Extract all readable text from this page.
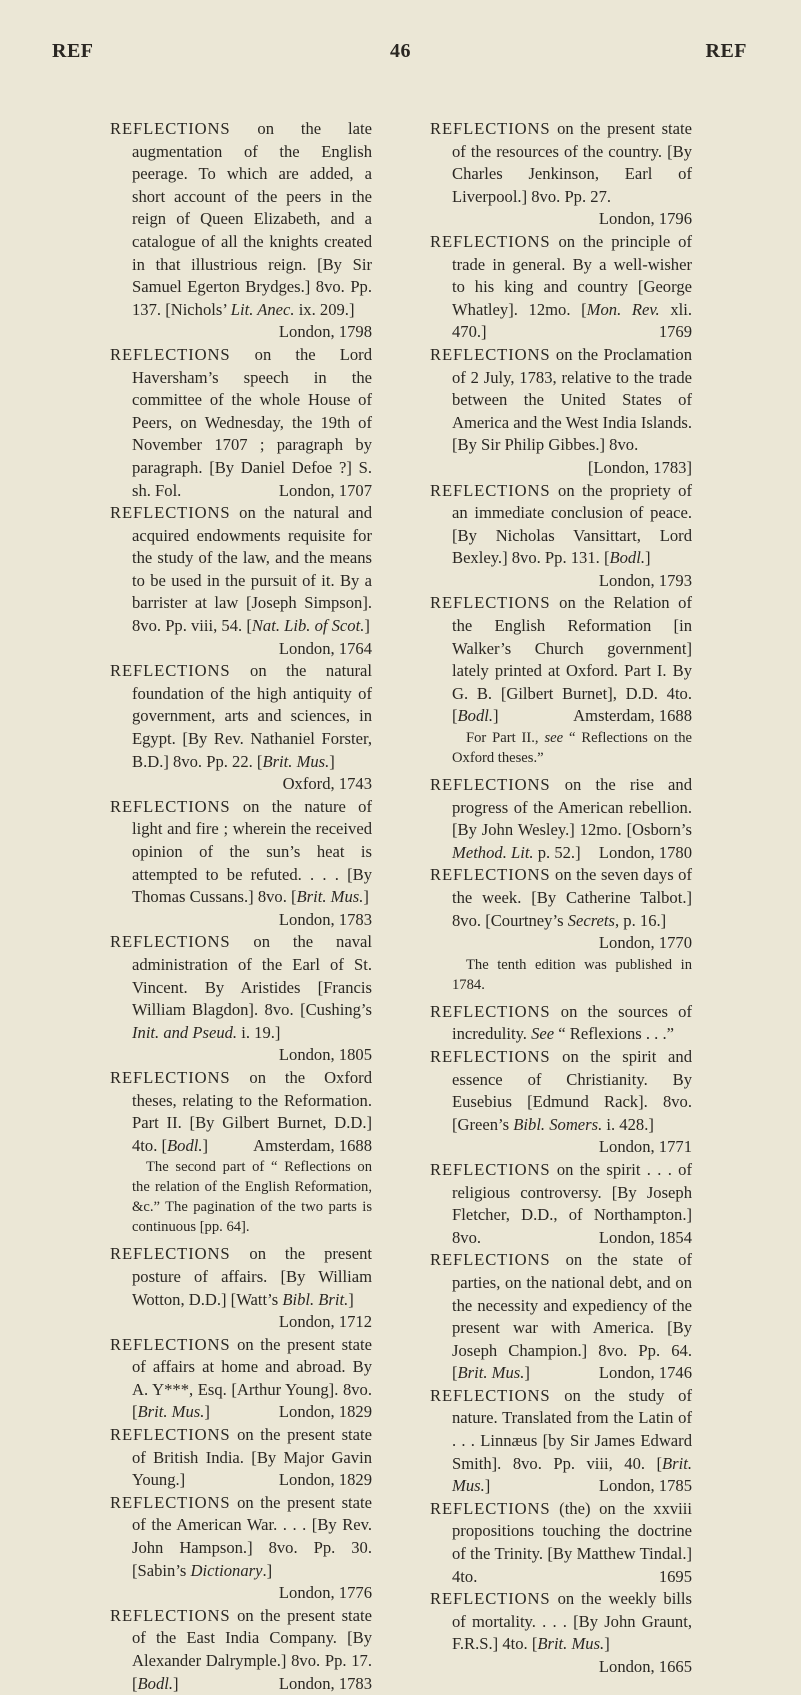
REF	46	REF
REFLECTIONS on the late augmentation of the English peerage. To which are added, a short account of the peers in the reign of Queen Elizabeth, and a catalogue of all the knights created in that illustrious reign. [By Sir Samuel Egerton Brydges.] 8vo. Pp. 137. [Nichols’ Lit. Anec. ix. 209.]
London, 1798
REFLECTIONS on the Lord Haversham’s speech in the committee of the whole House of Peers, on Wednesday, the 19th of November 1707 ; paragraph by paragraph. [By Daniel Defoe ?] S. sh. Fol.	London, 1707
REFLECTIONS on the natural and acquired endowments requisite for the study of the law, and the means to be used in the pursuit of it. By a barrister at law [Joseph Simpson]. 8vo. Pp. viii, 54. [Nat. Lib. of Scot.]
London, 1764
REFLECTIONS on the natural foundation of the high antiquity of government, arts and sciences, in Egypt. [By Rev. Nathaniel Forster, B.D.] 8vo. Pp. 22. [Brit. Mus.]
Oxford, 1743
REFLECTIONS on the nature of light and fire ; wherein the received opinion of the sun’s heat is attempted to be refuted. . . . [By Thomas Cussans.] 8vo. [Brit. Mus.]
London, 1783
REFLECTIONS on the naval administration of the Earl of St. Vincent. By Aristides [Francis William Blagdon]. 8vo. [Cushing’s Init. and Pseud. i. 19.]
London, 1805
REFLECTIONS on the Oxford theses, relating to the Reformation. Part II. [By Gilbert Burnet, D.D.] 4to. [Bodl.]	Amsterdam, 1688
The second part of “ Reflections on the relation of the English Reformation, &c.” The pagination of the two parts is continuous [pp. 64].
REFLECTIONS on the present posture of affairs. [By William Wotton, D.D.] [Watt’s Bibl. Brit.]
London, 1712
REFLECTIONS on the present state of affairs at home and abroad. By A. Y***, Esq. [Arthur Young]. 8vo. [Brit. Mus.]	London, 1829
REFLECTIONS on the present state of British India. [By Major Gavin Young.]	London, 1829
REFLECTIONS on the present state of the American War. . . . [By Rev. John Hampson.] 8vo. Pp. 30. [Sabin’s Dictionary.]
London, 1776
REFLECTIONS on the present state of the East India Company. [By Alexander Dalrymple.] 8vo. Pp. 17. [Bodl.]	London, 1783
REFLECTIONS on the present state of the resources of the country. [By Charles Jenkinson, Earl of Liverpool.] 8vo. Pp. 27.
London, 1796
REFLECTIONS on the principle of trade in general. By a well-wisher to his king and country [George Whatley]. 12mo. [Mon. Rev. xli. 470.]	1769
REFLECTIONS on the Proclamation of 2 July, 1783, relative to the trade between the United States of America and the West India Islands. [By Sir Philip Gibbes.] 8vo.
[London, 1783]
REFLECTIONS on the propriety of an immediate conclusion of peace. [By Nicholas Vansittart, Lord Bexley.] 8vo. Pp. 131. [Bodl.]
London, 1793
REFLECTIONS on the Relation of the English Reformation [in Walker’s Church government] lately printed at Oxford. Part I. By G. B. [Gilbert Burnet], D.D. 4to. [Bodl.]	Amsterdam, 1688
For Part II., see “ Reflections on the Oxford theses.”
REFLECTIONS on the rise and progress of the American rebellion. [By John Wesley.] 12mo. [Osborn’s Method. Lit. p. 52.]	London, 1780
REFLECTIONS on the seven days of the week. [By Catherine Talbot.] 8vo. [Courtney’s Secrets, p. 16.]
London, 1770
The tenth edition was published in 1784.
REFLECTIONS on the sources of incredulity. See “ Reflexions . . .”
REFLECTIONS on the spirit and essence of Christianity. By Eusebius [Edmund Rack]. 8vo. [Green’s Bibl. Somers. i. 428.]
London, 1771
REFLECTIONS on the spirit . . . of religious controversy. [By Joseph Fletcher, D.D., of Northampton.] 8vo.	London, 1854
REFLECTIONS on the state of parties, on the national debt, and on the necessity and expediency of the present war with America. [By Joseph Champion.] 8vo. Pp. 64. [Brit. Mus.]	London, 1746
REFLECTIONS on the study of nature. Translated from the Latin of . . . Linnæus [by Sir James Edward Smith]. 8vo. Pp. viii, 40. [Brit. Mus.]	London, 1785
REFLECTIONS (the) on the xxviii propositions touching the doctrine of the Trinity. [By Matthew Tindal.] 4to.	1695
REFLECTIONS on the weekly bills of mortality. . . . [By John Graunt, F.R.S.] 4to. [Brit. Mus.]
London, 1665
